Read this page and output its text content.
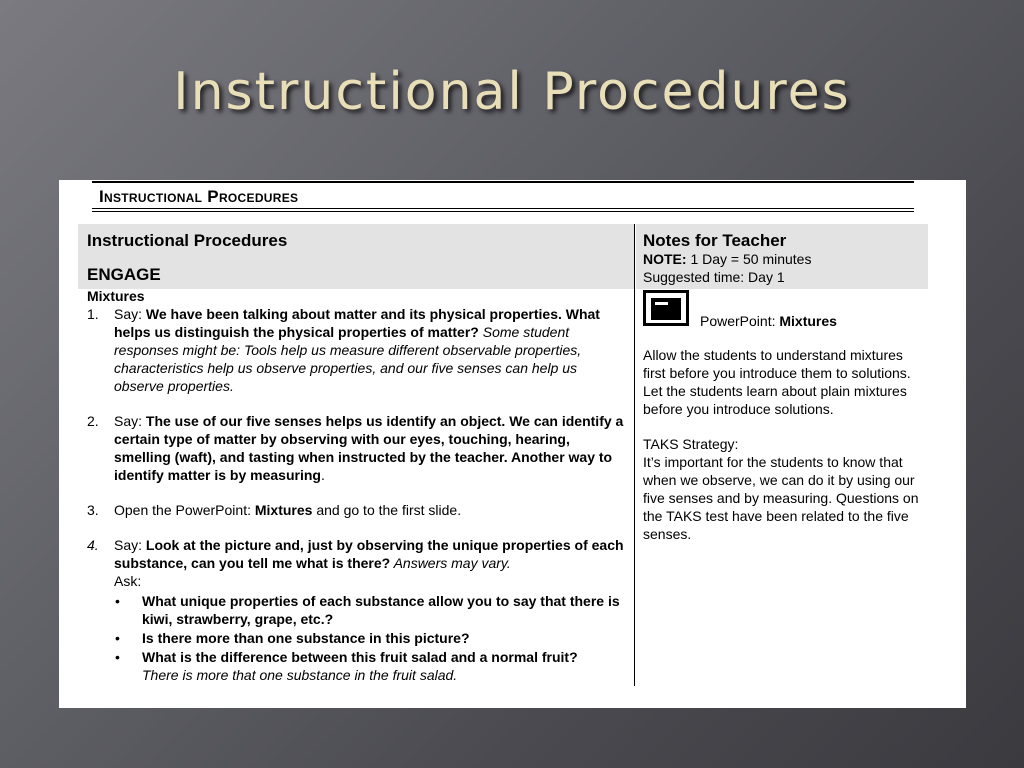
Instructional Procedures
Instructional Procedures
Instructional Procedures
ENGAGE
Mixtures
1. Say: We have been talking about matter and its physical properties. What helps us distinguish the physical properties of matter? Some student responses might be: Tools help us measure different observable properties, characteristics help us observe properties, and our five senses can help us observe properties.
2. Say: The use of our five senses helps us identify an object. We can identify a certain type of matter by observing with our eyes, touching, hearing, smelling (waft), and tasting when instructed by the teacher. Another way to identify matter is by measuring.
3. Open the PowerPoint: Mixtures and go to the first slide.
4. Say: Look at the picture and, just by observing the unique properties of each substance, can you tell me what is there? Answers may vary.
Ask:
• What unique properties of each substance allow you to say that there is kiwi, strawberry, grape, etc.?
• Is there more than one substance in this picture?
• What is the difference between this fruit salad and a normal fruit?
There is more that one substance in the fruit salad.
Notes for Teacher
NOTE: 1 Day = 50 minutes
Suggested time: Day 1
PowerPoint: Mixtures

Allow the students to understand mixtures first before you introduce them to solutions. Let the students learn about plain mixtures before you introduce solutions.

TAKS Strategy:
It’s important for the students to know that when we observe, we can do it by using our five senses and by measuring. Questions on the TAKS test have been related to the five senses.
